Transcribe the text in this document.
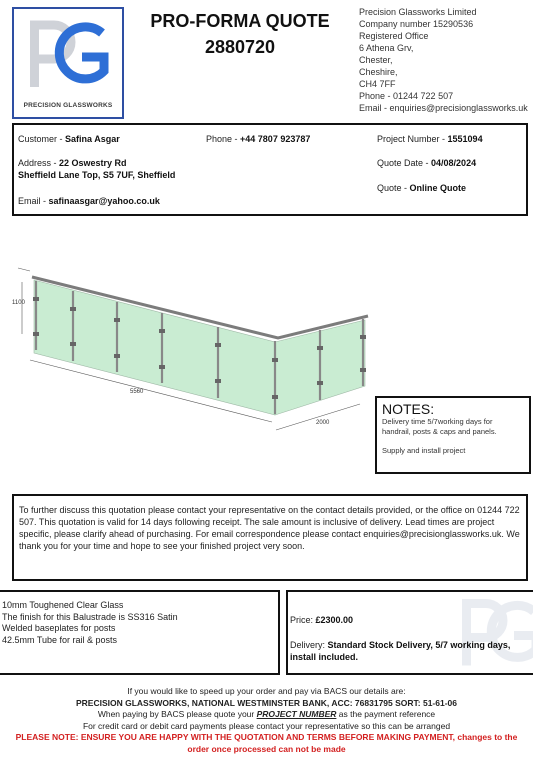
PRECISION GLASSWORKS
PRO-FORMA QUOTE
2880720
Precision Glassworks Limited
Company number 15290536
Registered Office
6 Athena Grv,
Chester,
Cheshire,
CH4 7FF
Phone - 01244 722 507
Email - enquiries@precisionglassworks.uk
Customer - Safina Asgar	Phone - +44 7807 923787	Project Number - 1551094
Address - 22 Oswestry Rd
Sheffield Lane Top, S5 7UF, Sheffield
Quote Date - 04/08/2024
Quote - Online Quote
Email - safinaasgar@yahoo.co.uk
1100
5560
2000
NOTES:
Delivery time 5/7working days for
handrail, posts & caps and panels.
Supply and install project
To further discuss this quotation please contact your representative on the contact details provided, or the office on 01244 722 507. This quotation is valid for 14 days following receipt. The sale amount is inclusive of delivery. Lead times are project specific, please clarify ahead of purchasing. For email correspondence please contact enquiries@precisionglassworks.uk. We thank you for your time and hope to see your finished project very soon.
10mm Toughened Clear Glass
The finish for this Balustrade is SS316 Satin
Welded baseplates for posts
42.5mm Tube for rail & posts
Price: £2300.00
Delivery: Standard Stock Delivery, 5/7 working days, install included.
If you would like to speed up your order and pay via BACS our details are:
PRECISION GLASSWORKS, NATIONAL WESTMINSTER BANK, ACC: 76831795 SORT: 51-61-06
When paying by BACS please quote your PROJECT NUMBER as the payment reference
For credit card or debit card payments please contact your representative so this can be arranged
PLEASE NOTE: ENSURE YOU ARE HAPPY WITH THE QUOTATION AND TERMS BEFORE MAKING PAYMENT, changes to the
order once processed can not be made
